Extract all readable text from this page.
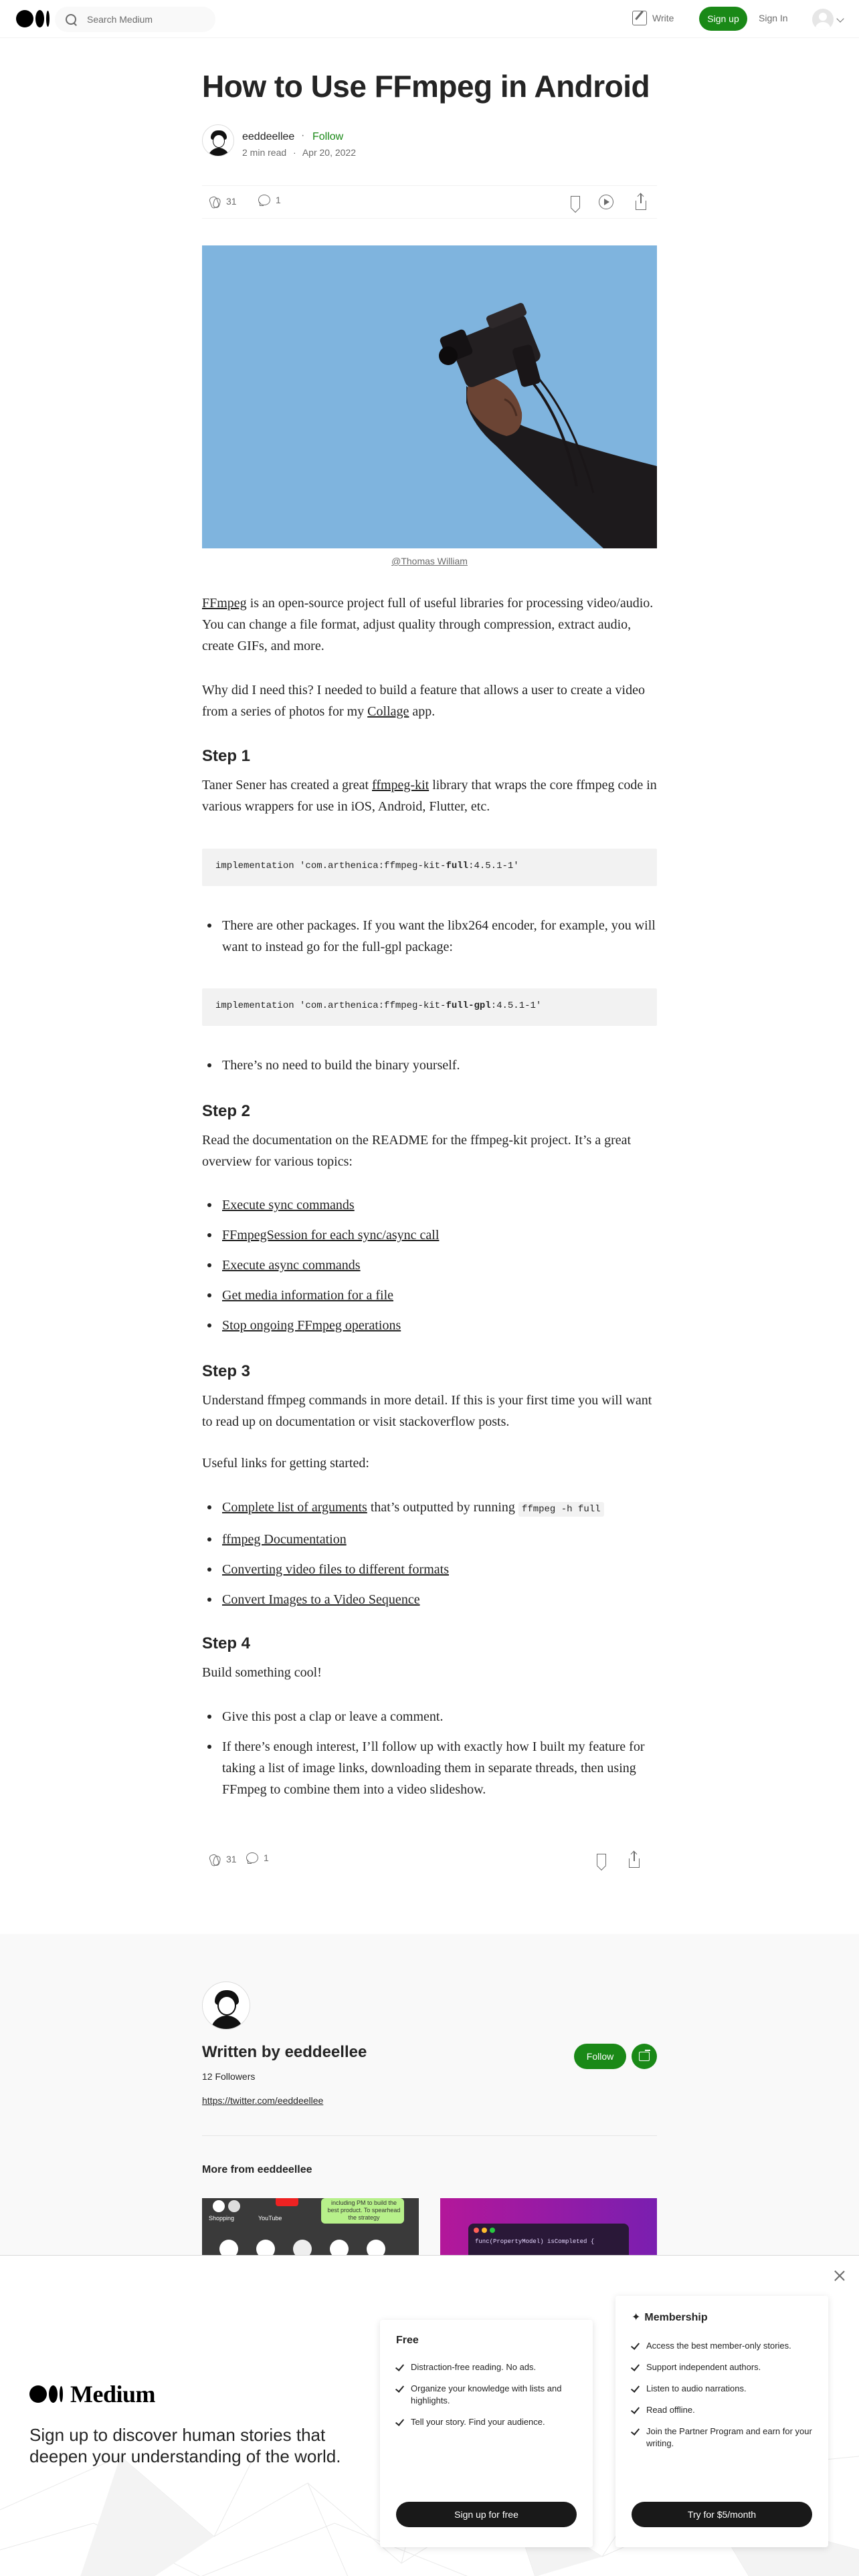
Search Medium
Write	Sign up	Sign In
How to Use FFmpeg in Android
eeddeellee · Follow
2 min read · Apr 20, 2022
31	1
@Thomas William

FFmpeg is an open-source project full of useful libraries for processing video/audio. You can change a file format, adjust quality through compression, extract audio, create GIFs, and more.

Why did I need this? I needed to build a feature that allows a user to create a video from a series of photos for my Collage app.

Step 1

Taner Sener has created a great ffmpeg-kit library that wraps the core ffmpeg code in various wrappers for use in iOS, Android, Flutter, etc.

implementation 'com.arthenica:ffmpeg-kit-full:4.5.1-1'
There are other packages. If you want the libx264 encoder, for example, you will want to instead go for the full-gpl package:
implementation 'com.arthenica:ffmpeg-kit-full-gpl:4.5.1-1'
There’s no need to build the binary yourself.
Step 2

Read the documentation on the README for the ffmpeg-kit project. It’s a great overview for various topics:

Execute sync commands
FFmpegSession for each sync/async call
Execute async commands
Get media information for a file
Stop ongoing FFmpeg operations
Step 3

Understand ffmpeg commands in more detail. If this is your first time you will want to read up on documentation or visit stackoverflow posts.

Useful links for getting started:

Complete list of arguments that’s outputted by running ffmpeg -h full
ffmpeg Documentation
Converting video files to different formats
Convert Images to a Video Sequence
Step 4

Build something cool!

Give this post a clap or leave a comment.
If there’s enough interest, I’ll follow up with exactly how I built my feature for taking a list of image links, downloading them in separate threads, then using FFmpeg to combine them into a video slideshow.
31	1
Written by eeddeellee
12 Followers
https://twitter.com/eeddeellee
Follow
More from eeddeellee
Shopping	YouTube
including PM to build the best product. To spearhead the strategy
func(PropertyModel) isCompleted {
Medium

Sign up to discover human stories that deepen your understanding of the world.

Free
Distraction-free reading. No ads.
Organize your knowledge with lists and highlights.
Tell your story. Find your audience.
Sign up for free
✦ Membership
Access the best member-only stories.
Support independent authors.
Listen to audio narrations.
Read offline.
Join the Partner Program and earn for your writing.
Try for $5/month
